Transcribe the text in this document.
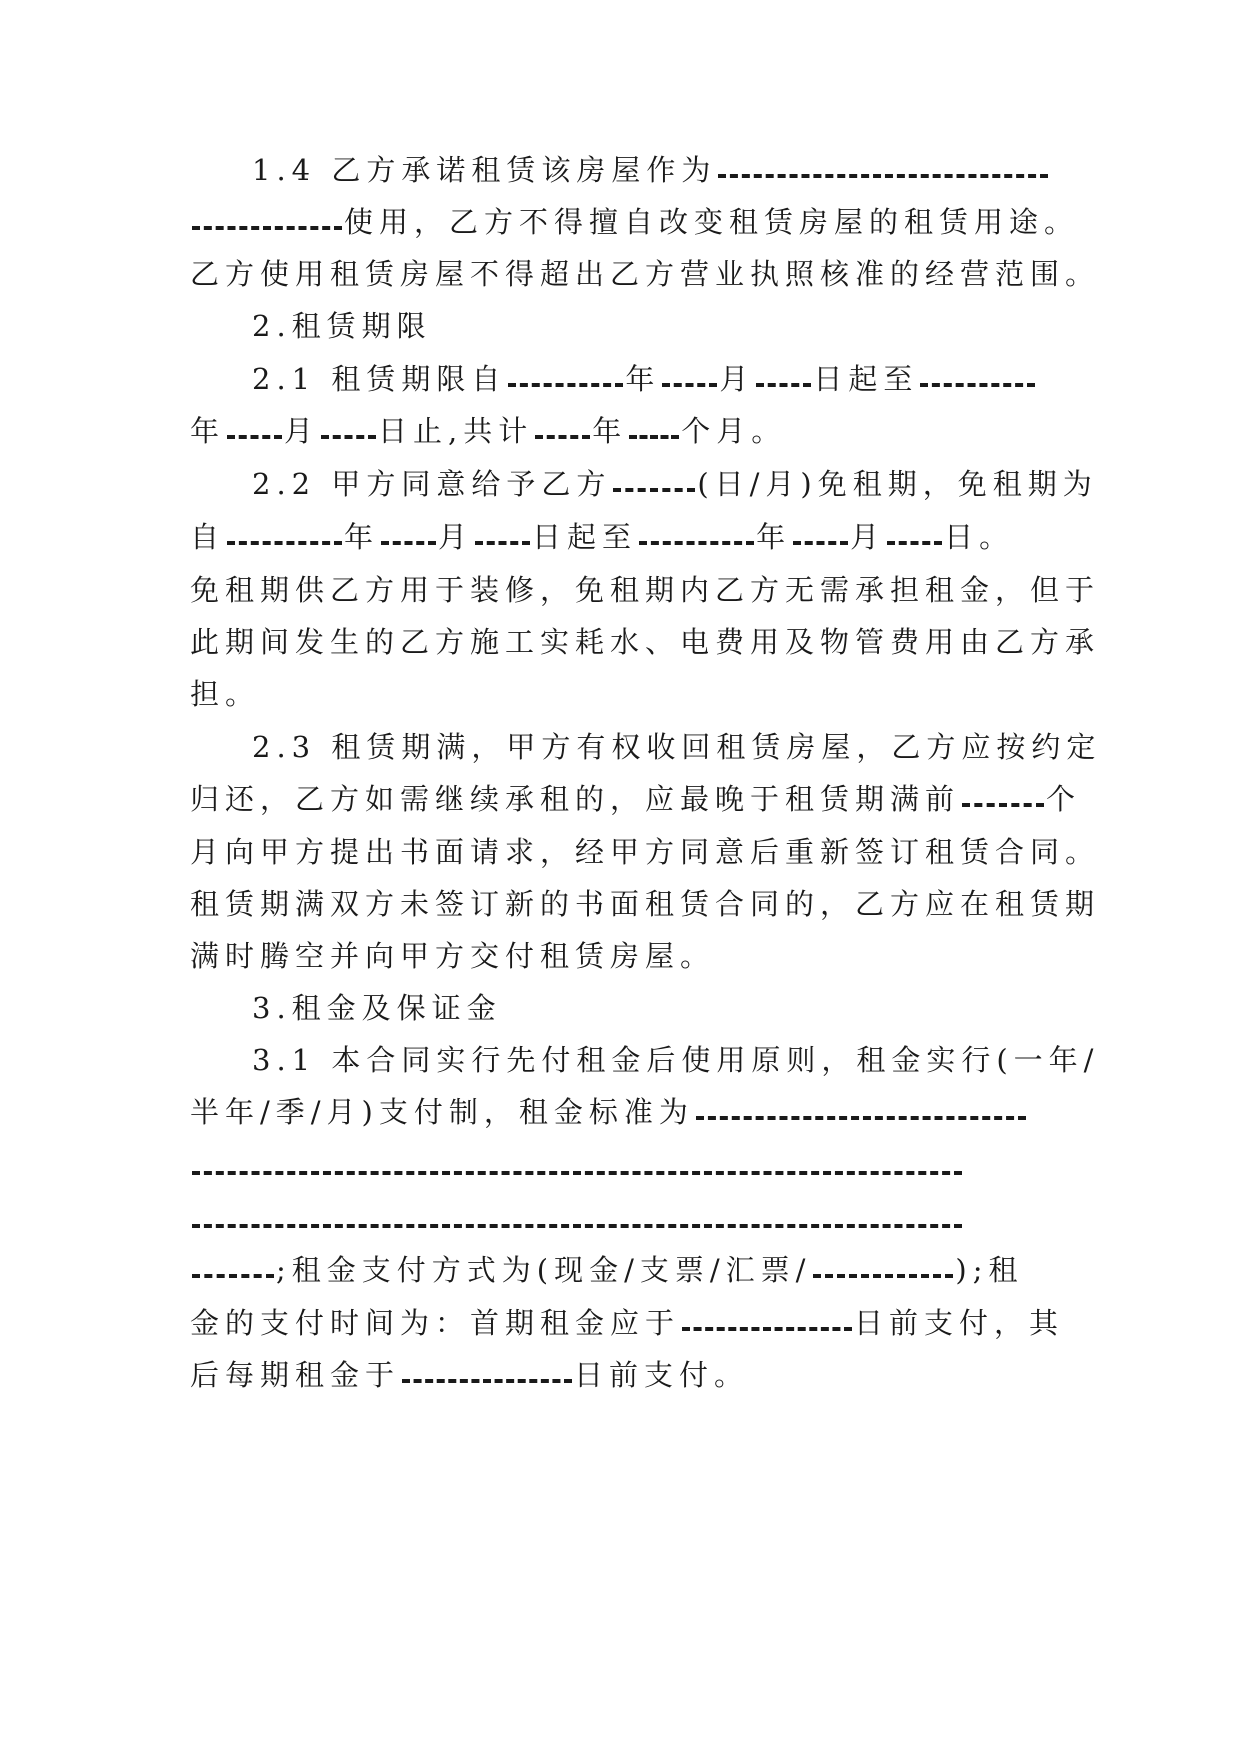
1.4 乙方承诺租赁该房屋作为
使用，乙方不得擅自改变租赁房屋的租赁用途。
乙方使用租赁房屋不得超出乙方营业执照核准的经营范围。
2.租赁期限
2.1 租赁期限自	年 月 日起至
年 月 日止,共计 年 个月。
2.2 甲方同意给予乙方	(日/月)免租期，免租期为
自	年 月 日起至	年 月 日。
免租期供乙方用于装修，免租期内乙方无需承担租金，但于
此期间发生的乙方施工实耗水、电费用及物管费用由乙方承
担。
2.3 租赁期满，甲方有权收回租赁房屋，乙方应按约定
归还，乙方如需继续承租的，应最晚于租赁期满前	个
月向甲方提出书面请求，经甲方同意后重新签订租赁合同。
租赁期满双方未签订新的书面租赁合同的，乙方应在租赁期
满时腾空并向甲方交付租赁房屋。
3.租金及保证金
3.1 本合同实行先付租金后使用原则，租金实行(一年/
半年/季/月)支付制，租金标准为
;租金支付方式为(现金/支票/汇票/	);租
金的支付时间为：首期租金应于	日前支付，其
后每期租金于	日前支付。
